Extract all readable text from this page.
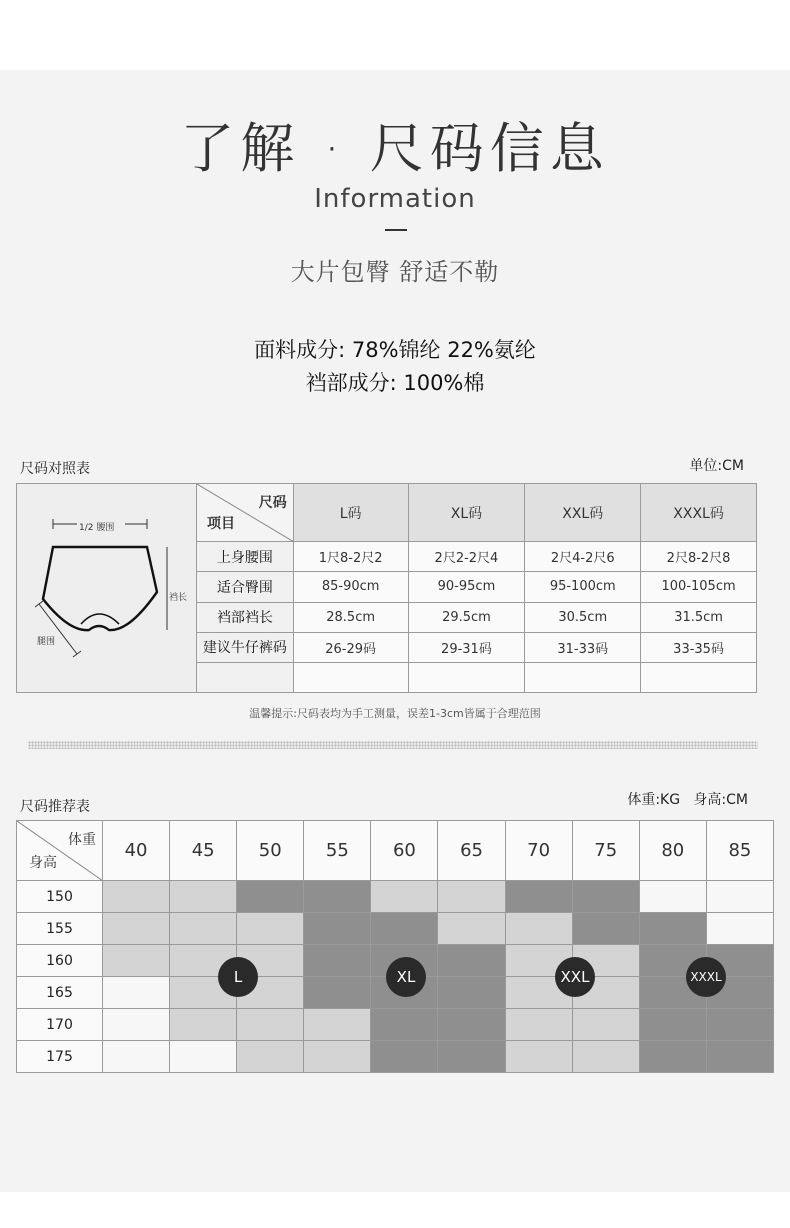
了解 · 尺码信息
Information
大片包臀 舒适不勒
面料成分: 78%锦纶 22%氨纶
裆部成分: 100%棉
尺码对照表	单位:CM
1/2 腰围
裆长
腿围	尺码
项目	L码	XL码	XXL码	XXXL码
	上身腰围	1尺8-2尺2	2尺2-2尺4	2尺4-2尺6	2尺8-2尺8
	适合臀围	85-90cm	90-95cm	95-100cm	100-105cm
	裆部裆长	28.5cm	29.5cm	30.5cm	31.5cm
	建议牛仔裤码	26-29码	29-31码	31-33码	33-35码

温馨提示:尺码表均为手工测量，误差1-3cm皆属于合理范围
尺码推荐表	体重:KG   身高:CM
体重
身高	40	45	50	55	60	65	70	75	80	85
150										
155										
160										
165										
170										
175										
L	XL	XXL	XXXL
